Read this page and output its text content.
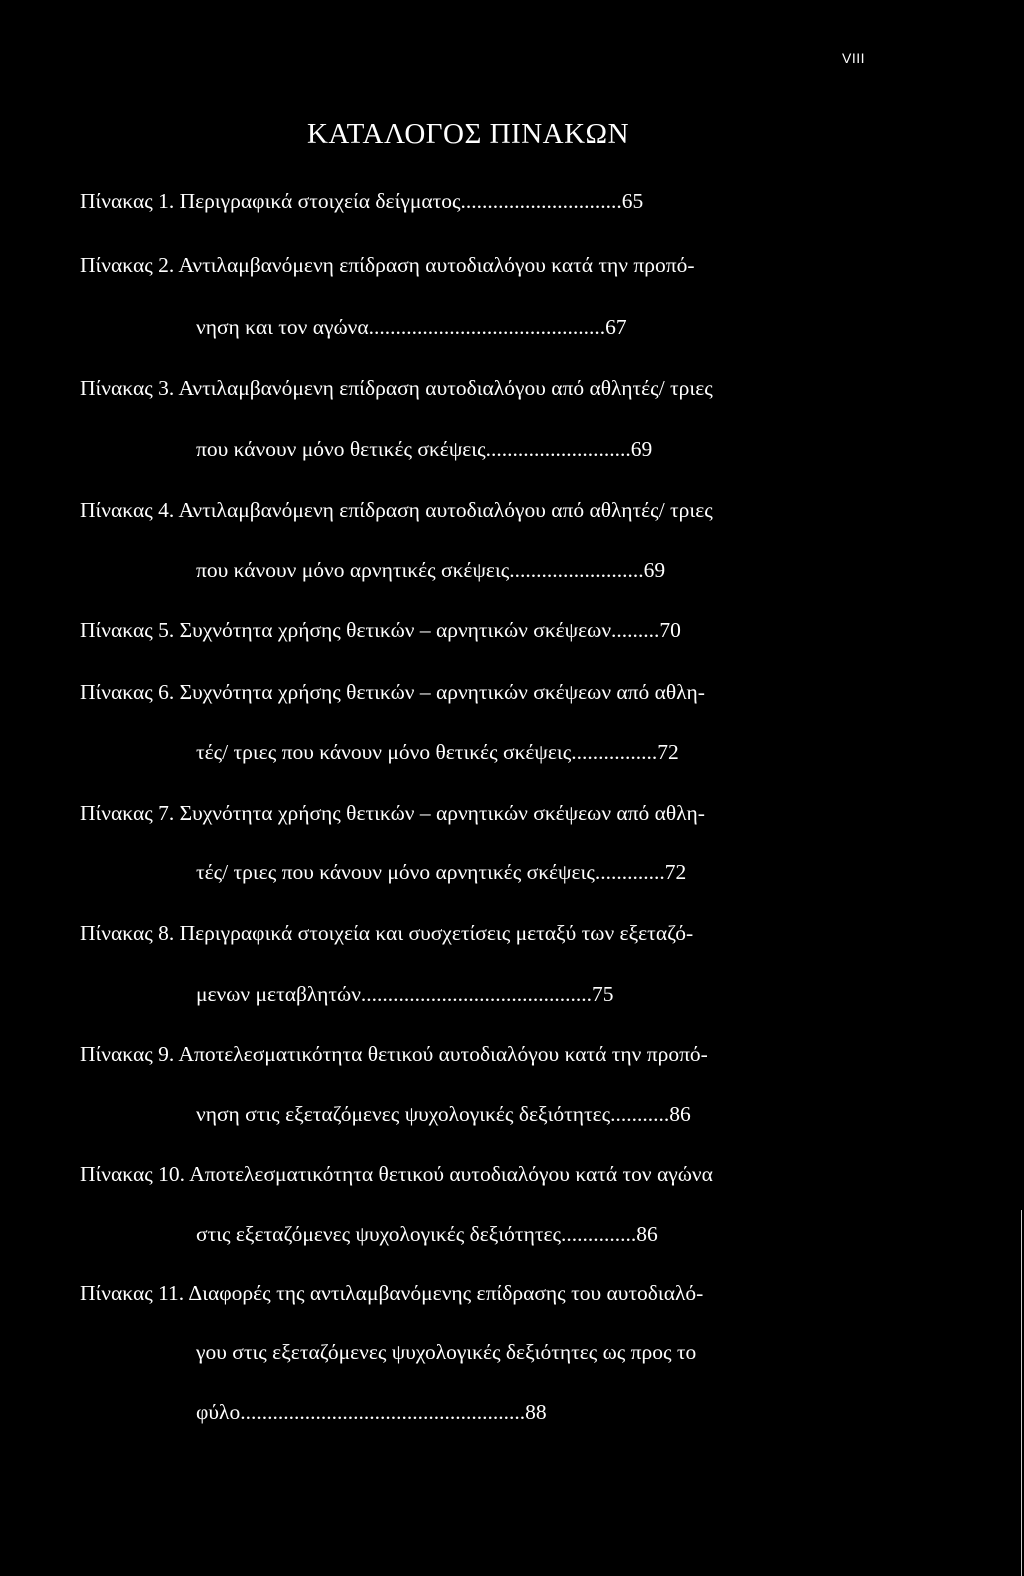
VIII
ΚΑΤΑΛΟΓΟΣ ΠΙΝΑΚΩΝ
Πίνακας 1. Περιγραφικά στοιχεία δείγματος..............................65
Πίνακας 2. Αντιλαμβανόμενη επίδραση αυτοδιαλόγου κατά την προπό-
νηση και τον αγώνα............................................67
Πίνακας 3. Αντιλαμβανόμενη επίδραση αυτοδιαλόγου από αθλητές/ τριες
που κάνουν μόνο θετικές σκέψεις...........................69
Πίνακας 4. Αντιλαμβανόμενη επίδραση αυτοδιαλόγου από αθλητές/ τριες
που κάνουν μόνο αρνητικές σκέψεις.........................69
Πίνακας 5. Συχνότητα χρήσης θετικών – αρνητικών σκέψεων.........70
Πίνακας 6. Συχνότητα χρήσης θετικών – αρνητικών σκέψεων από αθλη-
τές/ τριες που κάνουν μόνο θετικές σκέψεις................72
Πίνακας 7. Συχνότητα χρήσης θετικών – αρνητικών σκέψεων από αθλη-
τές/ τριες που κάνουν μόνο αρνητικές σκέψεις.............72
Πίνακας 8. Περιγραφικά στοιχεία και συσχετίσεις μεταξύ των εξεταζό-
μενων μεταβλητών...........................................75
Πίνακας 9. Αποτελεσματικότητα θετικού αυτοδιαλόγου κατά την προπό-
νηση στις εξεταζόμενες ψυχολογικές δεξιότητες...........86
Πίνακας 10. Αποτελεσματικότητα θετικού αυτοδιαλόγου κατά τον αγώνα
στις εξεταζόμενες ψυχολογικές δεξιότητες..............86
Πίνακας 11. Διαφορές της αντιλαμβανόμενης επίδρασης του αυτοδιαλό-
γου στις εξεταζόμενες ψυχολογικές δεξιότητες ως προς το
φύλο.....................................................88
